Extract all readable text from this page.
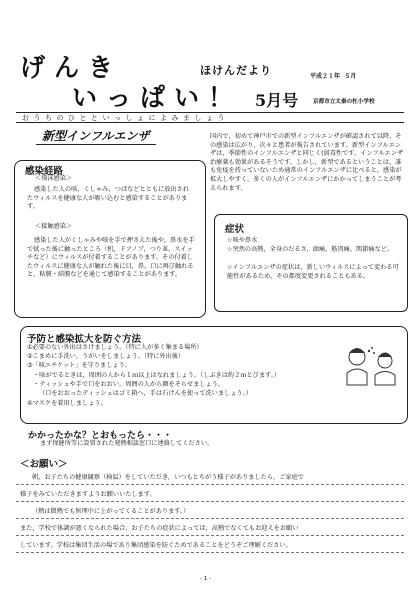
げんき
いっぱい！
ほけんだより	平成２１年 ５月
5月号	京都市立太秦の杜小学校
おうちのひとといっしょによみましょう
新型インフルエンザ	国内で，初めて神戸市での新型インフルエンザが確認されて以降，その感染は広がり，次々と患者が報告されています。新型インフルエンザは，季節性のインフルエンザと同じく(弱毒性です。インフルエンザ治療薬も効果があるそうです。しかし，新型であるということは，誰も免疫を持っていないため通常のインフルエンザに比べると，感染が拡大しやすく，多くの人がインフルエンザにかかってしまうことが考えられます。
感染経路
＜飛沫感染＞
感染した人の咳，くしゃみ，つばなどとともに放出されたウィルスを健康な人が吸い込むと感染することがあります。
＜接触感染＞
感染した人がくしゃみや咳を手で押さえた後や，鼻水を手で拭った後に触ったところ（机，ドアノブ，つり革，スイッチなど）にウィルスが付着することがあります。その付着したウィルスに健康な人が触れた後に目，鼻，口に再び触れると，粘膜・結膜などを通じて感染することがあります。
症状
☆咳や鼻水
☆突然の高熱，全身のだるさ，頭痛，筋肉痛，関節痛など。
☆インフルエンザの症状は，新しいウィルスによって変わる可能性があるため，その都度変更されることもある。
予防と感染拡大を防ぐ方法
①必要のない外出はさけましょう。（特に人が多く集まる場所）
②こまめに手洗い，うがいをしましょう。（特に外出後）
③「咳エチケット」を守りましょう。
・咳がでるときは，周囲の人から１ｍ以上はなれましょう。（しぶきは約２ｍとびます。）
・ティッシュや手で口をおおい，周囲の人から顔をそらせましょう。
（口をおおったティッシュはゴミ箱へ，手は石けんを使って洗いましょう。）
④マスクを着用しましょう。
かかったかな？とおもったら・・・
まず保健所等に設置された発熱相談窓口に連絡してください。
＜お願い＞
朝，お子たちの健康観察（検温）をしていただき，いつもとちがう様子がありましたら，ご家庭で
様子をみていただきますようお願いいたします。
（熱は微熱でも無理中に上がってくることがあります。）
また，学校で体調が悪くなられた場合，お子たちの症状によっては，高熱でなくてもお迎えをお願い
しています。学校は集団生活の場であり集団感染を防ぐためであることをどうぞご理解ください。
- 1 -
